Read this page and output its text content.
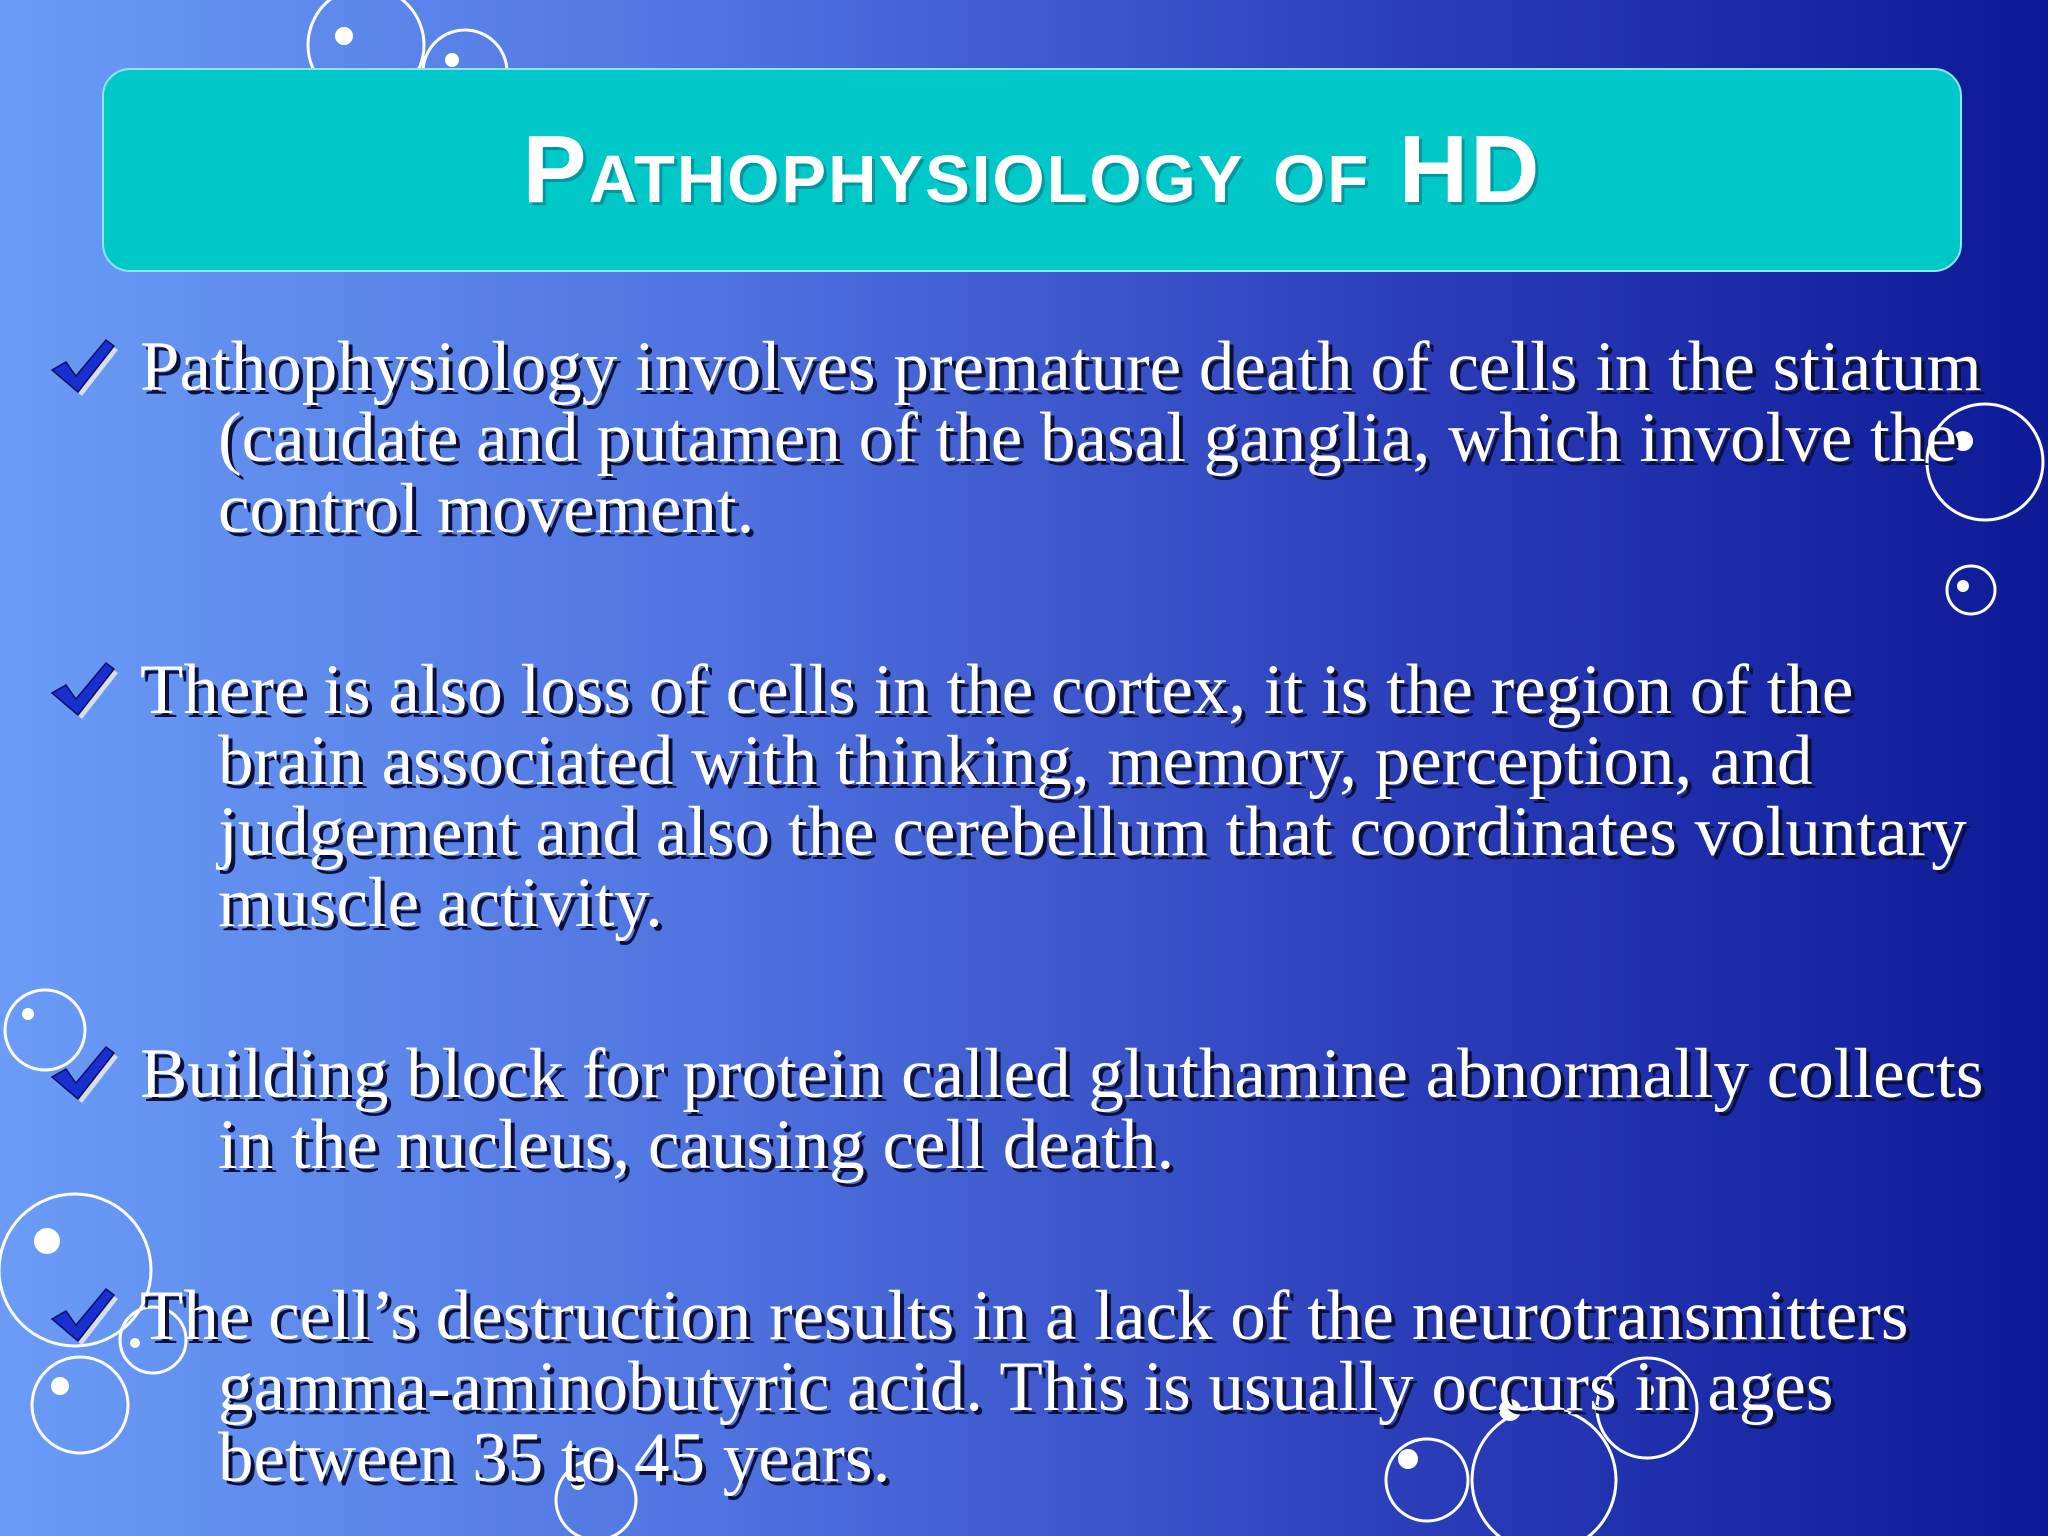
Pathophysiology of HD
Pathophysiology involves premature death of cells in the stiatum (caudate and putamen of the basal ganglia, which involve the control movement.
There is also loss of cells in the cortex, it is the region of the brain associated with thinking, memory, perception, and judgement and also the cerebellum that coordinates voluntary muscle activity.
Building block for protein called gluthamine abnormally collects in the nucleus, causing cell death.
The cell’s destruction results in a lack of the neurotransmitters gamma-aminobutyric acid. This is usually occurs in ages between 35 to 45 years.
